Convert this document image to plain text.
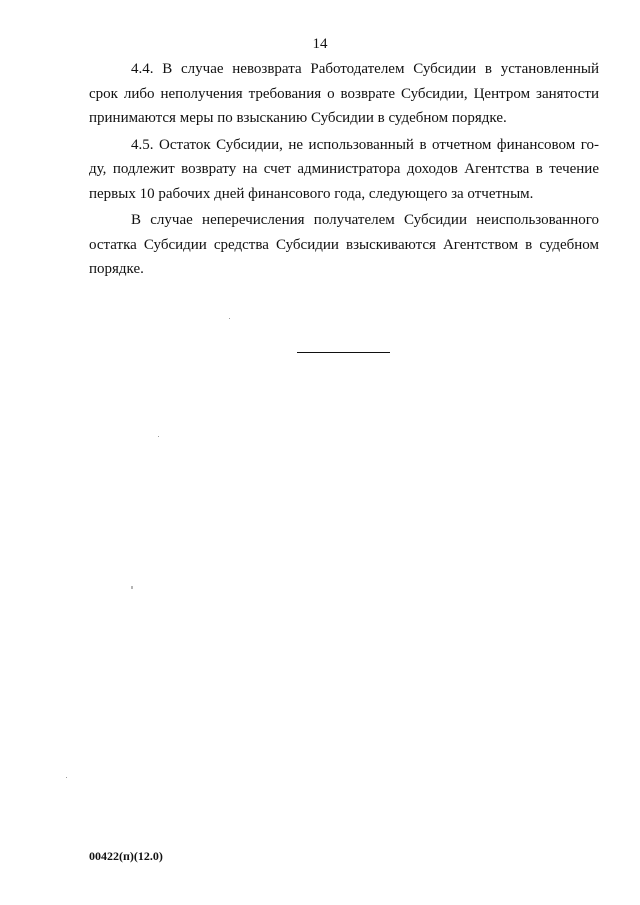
14
4.4. В случае невозврата Работодателем Субсидии в установленный
срок либо неполучения требования о возврате Субсидии, Центром занятости
принимаются меры по взысканию Субсидии в судебном порядке.
4.5. Остаток Субсидии, не использованный в отчетном финансовом го-
ду, подлежит возврату на счет администратора доходов Агентства в течение
первых 10 рабочих дней финансового года, следующего за отчетным.
В случае неперечисления получателем Субсидии неиспользованного
остатка Субсидии средства Субсидии взыскиваются Агентством в судебном
порядке.
00422(п)(12.0)
